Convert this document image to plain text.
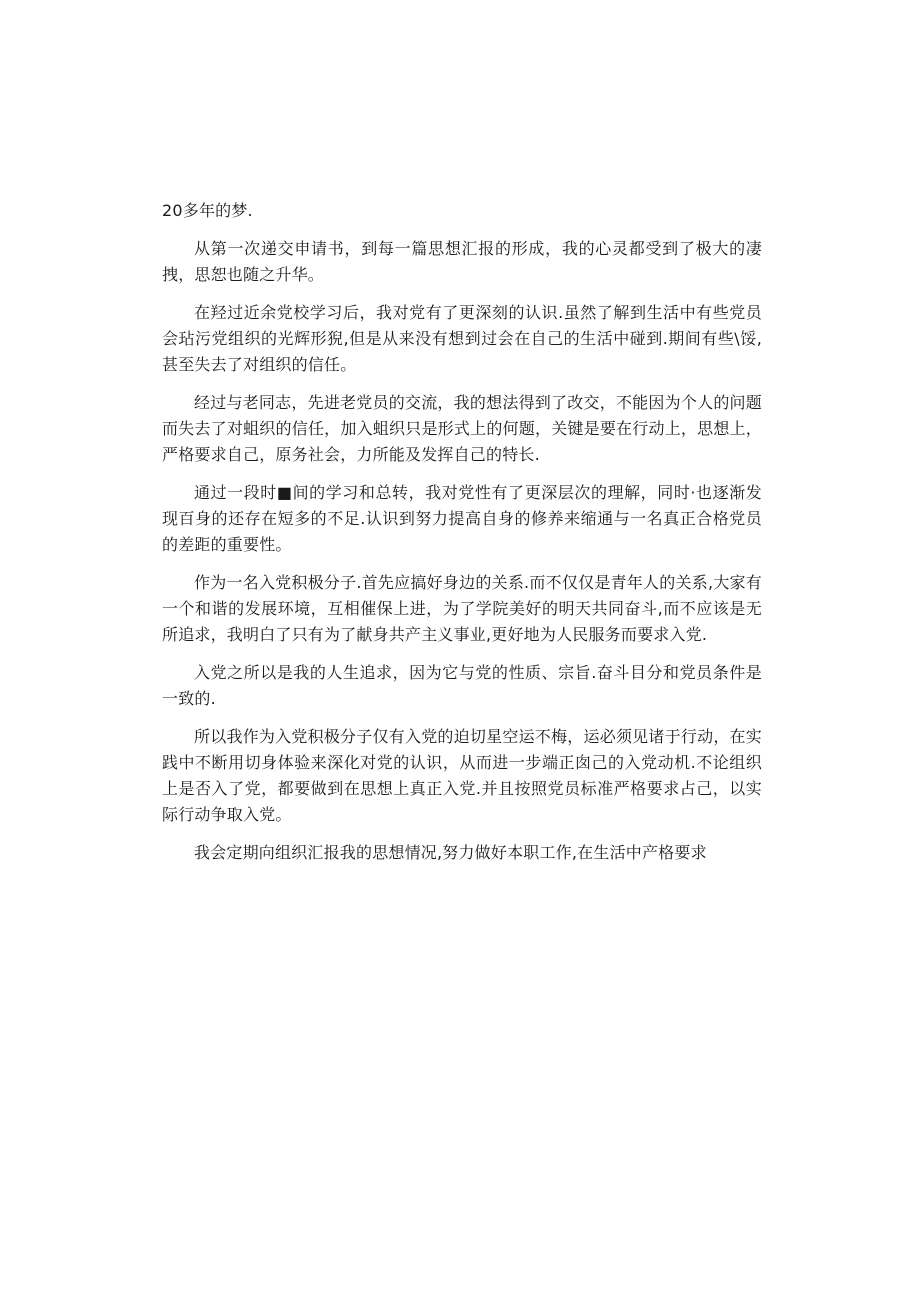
20多年的梦.

从第一次递交申请书，到每一篇思想汇报的形成，我的心灵都受到了极大的凄拽，思恕也随之升华。

在羟过近余党校学习后，我对党有了更深刻的认识.虽然了解到生活中有些党员会玷污党组织的光辉形猊,但是从来没有想到过会在自己的生活中碰到.期间有些\馁,甚至失去了对组织的信任。

经过与老同志，先进老党员的交流，我的想法得到了改交，不能因为个人的问题而失去了对蛆织的信任，加入蛆织只是形式上的何题，关键是要在行动上，思想上，严格要求自己，原务社会，力所能及发挥自己的特长.

通过一段时■间的学习和总转，我对党性有了更深层次的理解，同时·也逐渐发现百身的还存在短多的不足.认识到努力提高自身的修养来缩通与一名真正合格党员的差距的重要性。

作为一名入党积极分子.首先应搞好身边的关系.而不仅仅是青年人的关系,大家有一个和谐的发展环境，互相催保上进，为了学院美好的明天共同奋斗,而不应该是无所追求，我明白了只有为了献身共产主义事业,更好地为人民服务而要求入党.

入党之所以是我的人生追求，因为它与党的性质、宗旨.奋斗目分和党员条件是一致的.

所以我作为入党积极分子仅有入党的迫切星空运不梅，运必须见诸于行动，在实践中不断用切身体验来深化对党的认识，从而进一步端正囱己的入党动机.不论组织上是否入了党，都要做到在思想上真正入党.并且按照党员标准严格要求占己，以实际行动争取入党。

我会定期向组织汇报我的思想情况,努力做好本职工作,在生活中产格要求
